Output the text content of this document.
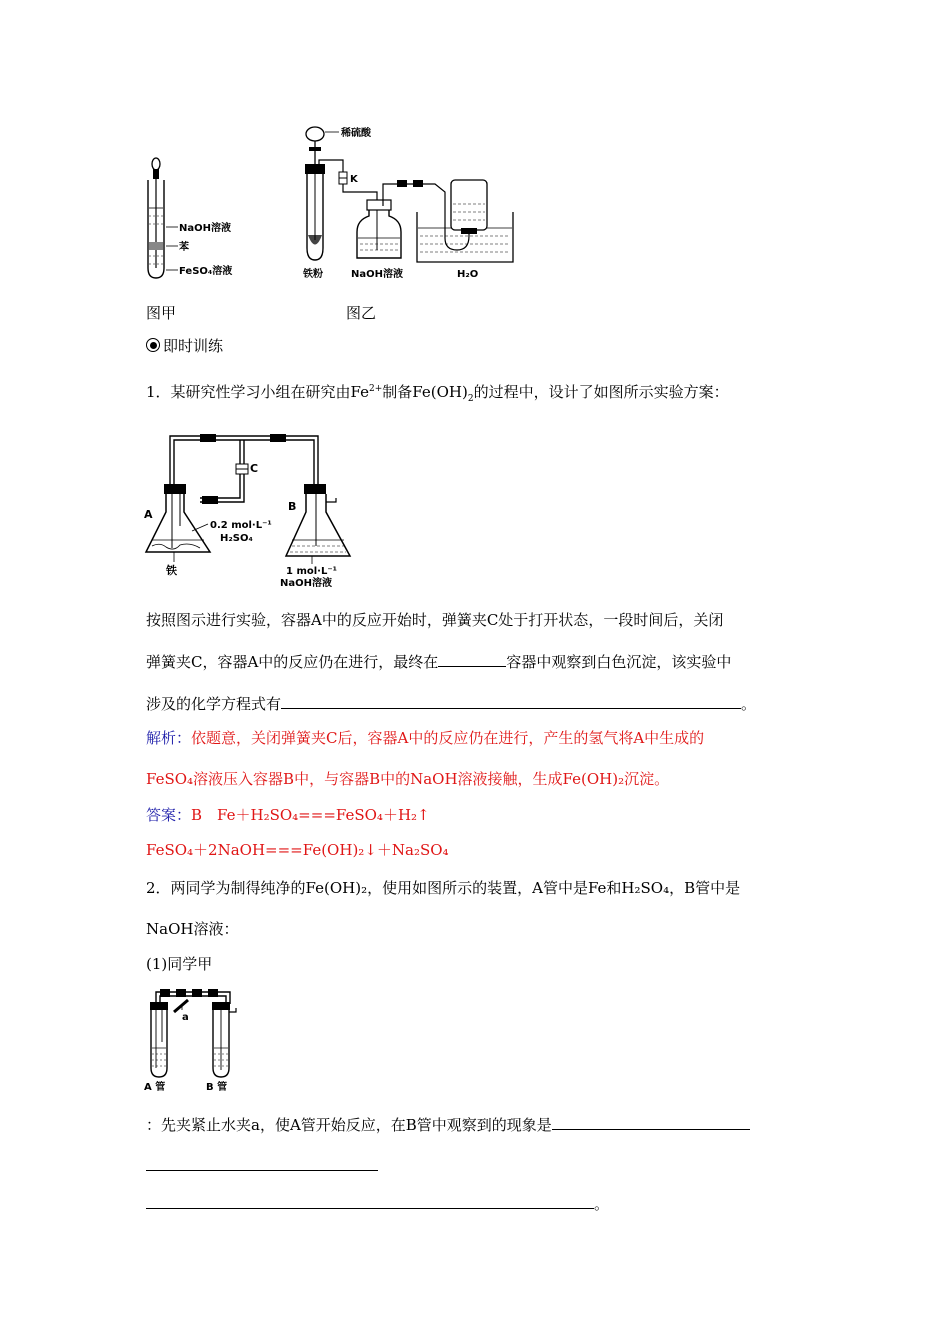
NaOH溶液
苯
FeSO₄溶液
稀硫酸
铁粉
K
NaOH溶液	H₂O
图甲	图乙
即时训练
1．某研究性学习小组在研究由$Fe^{2+}$制备$Fe(OH)_2$的过程中，设计了如图所示实验方案：
C
A
0.2 mol·L⁻¹
H₂SO₄
铁
B
1 mol·L⁻¹
NaOH溶液
按照图示进行实验，容器A中的反应开始时，弹簧夹C处于打开状态，一段时间后，关闭
弹簧夹C，容器A中的反应仍在进行，最终在	容器中观察到白色沉淀，该实验中
涉及的化学方程式有	。
解析：依题意，关闭弹簧夹C后，容器A中的反应仍在进行，产生的氢气将A中生成的
FeSO₄溶液压入容器B中，与容器B中的NaOH溶液接触，生成Fe(OH)₂沉淀。
答案：B　Fe＋H₂SO₄===FeSO₄＋H₂↑
FeSO₄＋2NaOH===Fe(OH)₂↓＋Na₂SO₄
2．两同学为制得纯净的Fe(OH)₂，使用如图所示的装置，A管中是Fe和H₂SO₄，B管中是
NaOH溶液：
(1)同学甲
a
A 管	B 管
：先夹紧止水夹a，使A管开始反应，在B管中观察到的现象是
。
